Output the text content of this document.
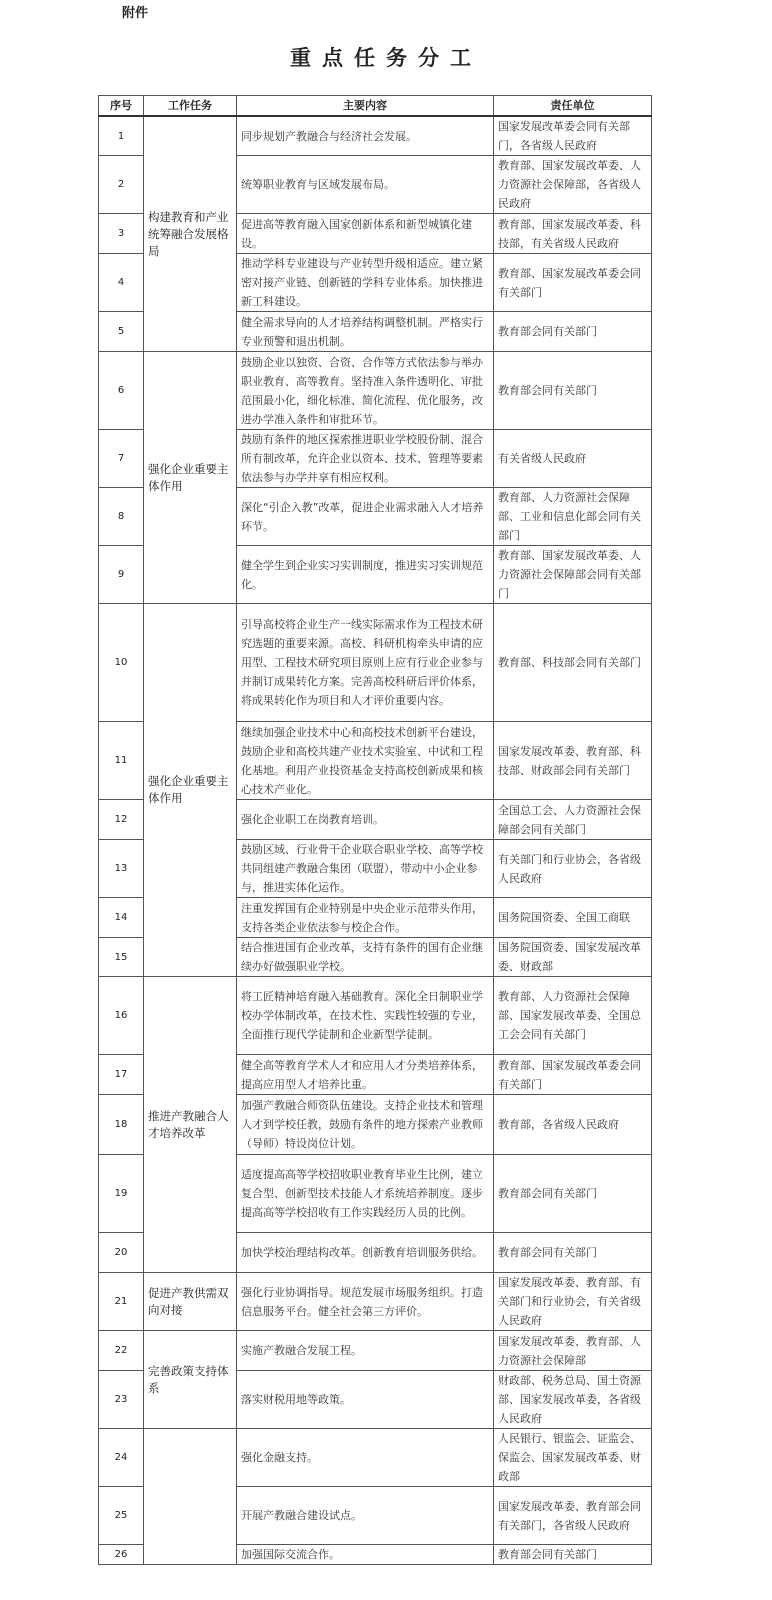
附件
重点任务分工
序号	工作任务	主要内容	责任单位
1	构建教育和产业统筹融合发展格局	同步规划产教融合与经济社会发展。	国家发展改革委会同有关部门，各省级人民政府
2		统筹职业教育与区域发展布局。	教育部、国家发展改革委、人力资源社会保障部，各省级人民政府
3		促进高等教育融入国家创新体系和新型城镇化建设。	教育部、国家发展改革委、科技部，有关省级人民政府
4		推动学科专业建设与产业转型升级相适应。建立紧密对接产业链、创新链的学科专业体系。加快推进新工科建设。	教育部、国家发展改革委会同有关部门
5		健全需求导向的人才培养结构调整机制。严格实行专业预警和退出机制。	教育部会同有关部门
6	强化企业重要主体作用	鼓励企业以独资、合资、合作等方式依法参与举办职业教育、高等教育。坚持准入条件透明化、审批范围最小化，细化标准、简化流程、优化服务，改进办学准入条件和审批环节。	教育部会同有关部门
7		鼓励有条件的地区探索推进职业学校股份制、混合所有制改革，允许企业以资本、技术、管理等要素依法参与办学并享有相应权利。	有关省级人民政府
8		深化“引企入教”改革，促进企业需求融入人才培养环节。	教育部、人力资源社会保障部、工业和信息化部会同有关部门
9		健全学生到企业实习实训制度，推进实习实训规范化。	教育部、国家发展改革委、人力资源社会保障部会同有关部门
10	强化企业重要主体作用	引导高校将企业生产一线实际需求作为工程技术研究选题的重要来源。高校、科研机构牵头申请的应用型、工程技术研究项目原则上应有行业企业参与并制订成果转化方案。完善高校科研后评价体系，将成果转化作为项目和人才评价重要内容。	教育部、科技部会同有关部门
11		继续加强企业技术中心和高校技术创新平台建设，鼓励企业和高校共建产业技术实验室、中试和工程化基地。利用产业投资基金支持高校创新成果和核心技术产业化。	国家发展改革委、教育部、科技部、财政部会同有关部门
12		强化企业职工在岗教育培训。	全国总工会、人力资源社会保障部会同有关部门
13		鼓励区域、行业骨干企业联合职业学校、高等学校共同组建产教融合集团（联盟），带动中小企业参与，推进实体化运作。	有关部门和行业协会，各省级人民政府
14		注重发挥国有企业特别是中央企业示范带头作用，支持各类企业依法参与校企合作。	国务院国资委、全国工商联
15		结合推进国有企业改革，支持有条件的国有企业继续办好做强职业学校。	国务院国资委、国家发展改革委、财政部
16	推进产教融合人才培养改革	将工匠精神培育融入基础教育。深化全日制职业学校办学体制改革，在技术性、实践性较强的专业，全面推行现代学徒制和企业新型学徒制。	教育部、人力资源社会保障部、国家发展改革委、全国总工会会同有关部门
17		健全高等教育学术人才和应用人才分类培养体系，提高应用型人才培养比重。	教育部、国家发展改革委会同有关部门
18		加强产教融合师资队伍建设。支持企业技术和管理人才到学校任教，鼓励有条件的地方探索产业教师（导师）特设岗位计划。	教育部，各省级人民政府
19		适度提高高等学校招收职业教育毕业生比例，建立复合型、创新型技术技能人才系统培养制度。逐步提高高等学校招收有工作实践经历人员的比例。	教育部会同有关部门
20		加快学校治理结构改革。创新教育培训服务供给。	教育部会同有关部门
21	促进产教供需双向对接	强化行业协调指导。规范发展市场服务组织。打造信息服务平台。健全社会第三方评价。	国家发展改革委、教育部、有关部门和行业协会，有关省级人民政府
22	完善政策支持体系	实施产教融合发展工程。	国家发展改革委、教育部、人力资源社会保障部
23		落实财税用地等政策。	财政部、税务总局、国土资源部、国家发展改革委，各省级人民政府
24		强化金融支持。	人民银行、银监会、证监会、保监会、国家发展改革委、财政部
25		开展产教融合建设试点。	国家发展改革委、教育部会同有关部门，各省级人民政府
26		加强国际交流合作。	教育部会同有关部门
